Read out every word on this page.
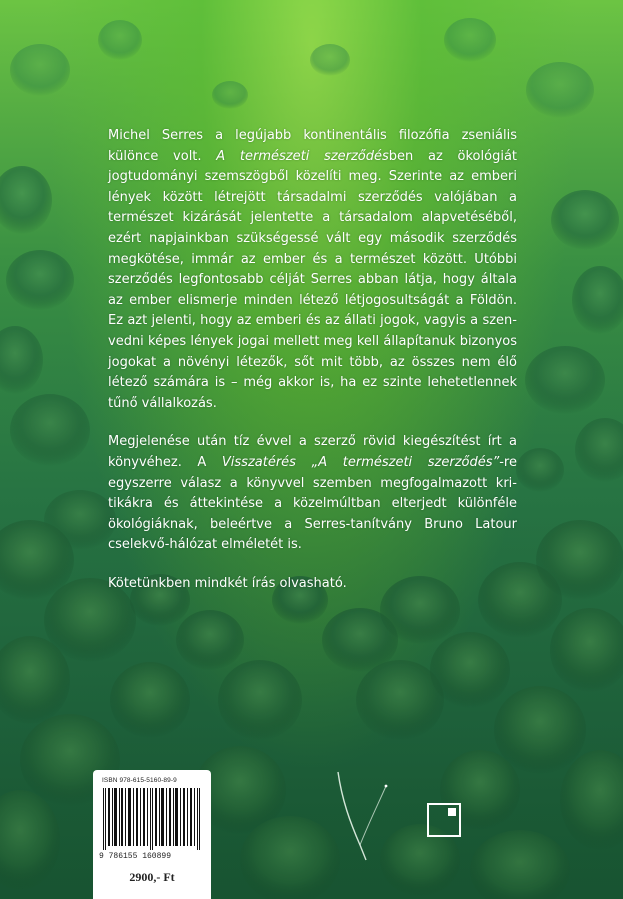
Michel Serres a legújabb kontinentális filozófia zseniális különce volt. A természeti szerződésben az ökológiát jogtudományi szemszögből közelíti meg. Szerinte az emberi lények között létrejött társadalmi szerződés valójában a természet kizárását jelentette a társadalom alapvetéséből, ezért napjainkban szükségessé vált egy második szerződés megkötése, immár az ember és a természet között. Utóbbi szerződés legfontosabb célját Serres abban látja, hogy általa az ember elismerje minden létező létjogosultságát a Földön. Ez azt jelenti, hogy az emberi és az állati jogok, vagyis a szenvedni képes lények jogai mellett meg kell állapítanuk bizonyos jogokat a növényi létezők, sőt mit több, az összes nem élő létező számára is – még akkor is, ha ez szinte lehetetlennek tűnő vállalkozás.

Megjelenése után tíz évvel a szerző rövid kiegészítést írt a könyvéhez. A Visszatérés „A természeti szerződés”-re egyszerre válasz a könyvvel szemben megfogalmazott kritikákra és áttekintése a közelmúltban elterjedt különféle ökológiáknak, beleértve a Serres-tanítvány Bruno Latour cselekvő-hálózat elméletét is.

Kötetünkben mindkét írás olvasható.

ISBN 978-615-5160-89-9
9 786155 160899
2900,- Ft
